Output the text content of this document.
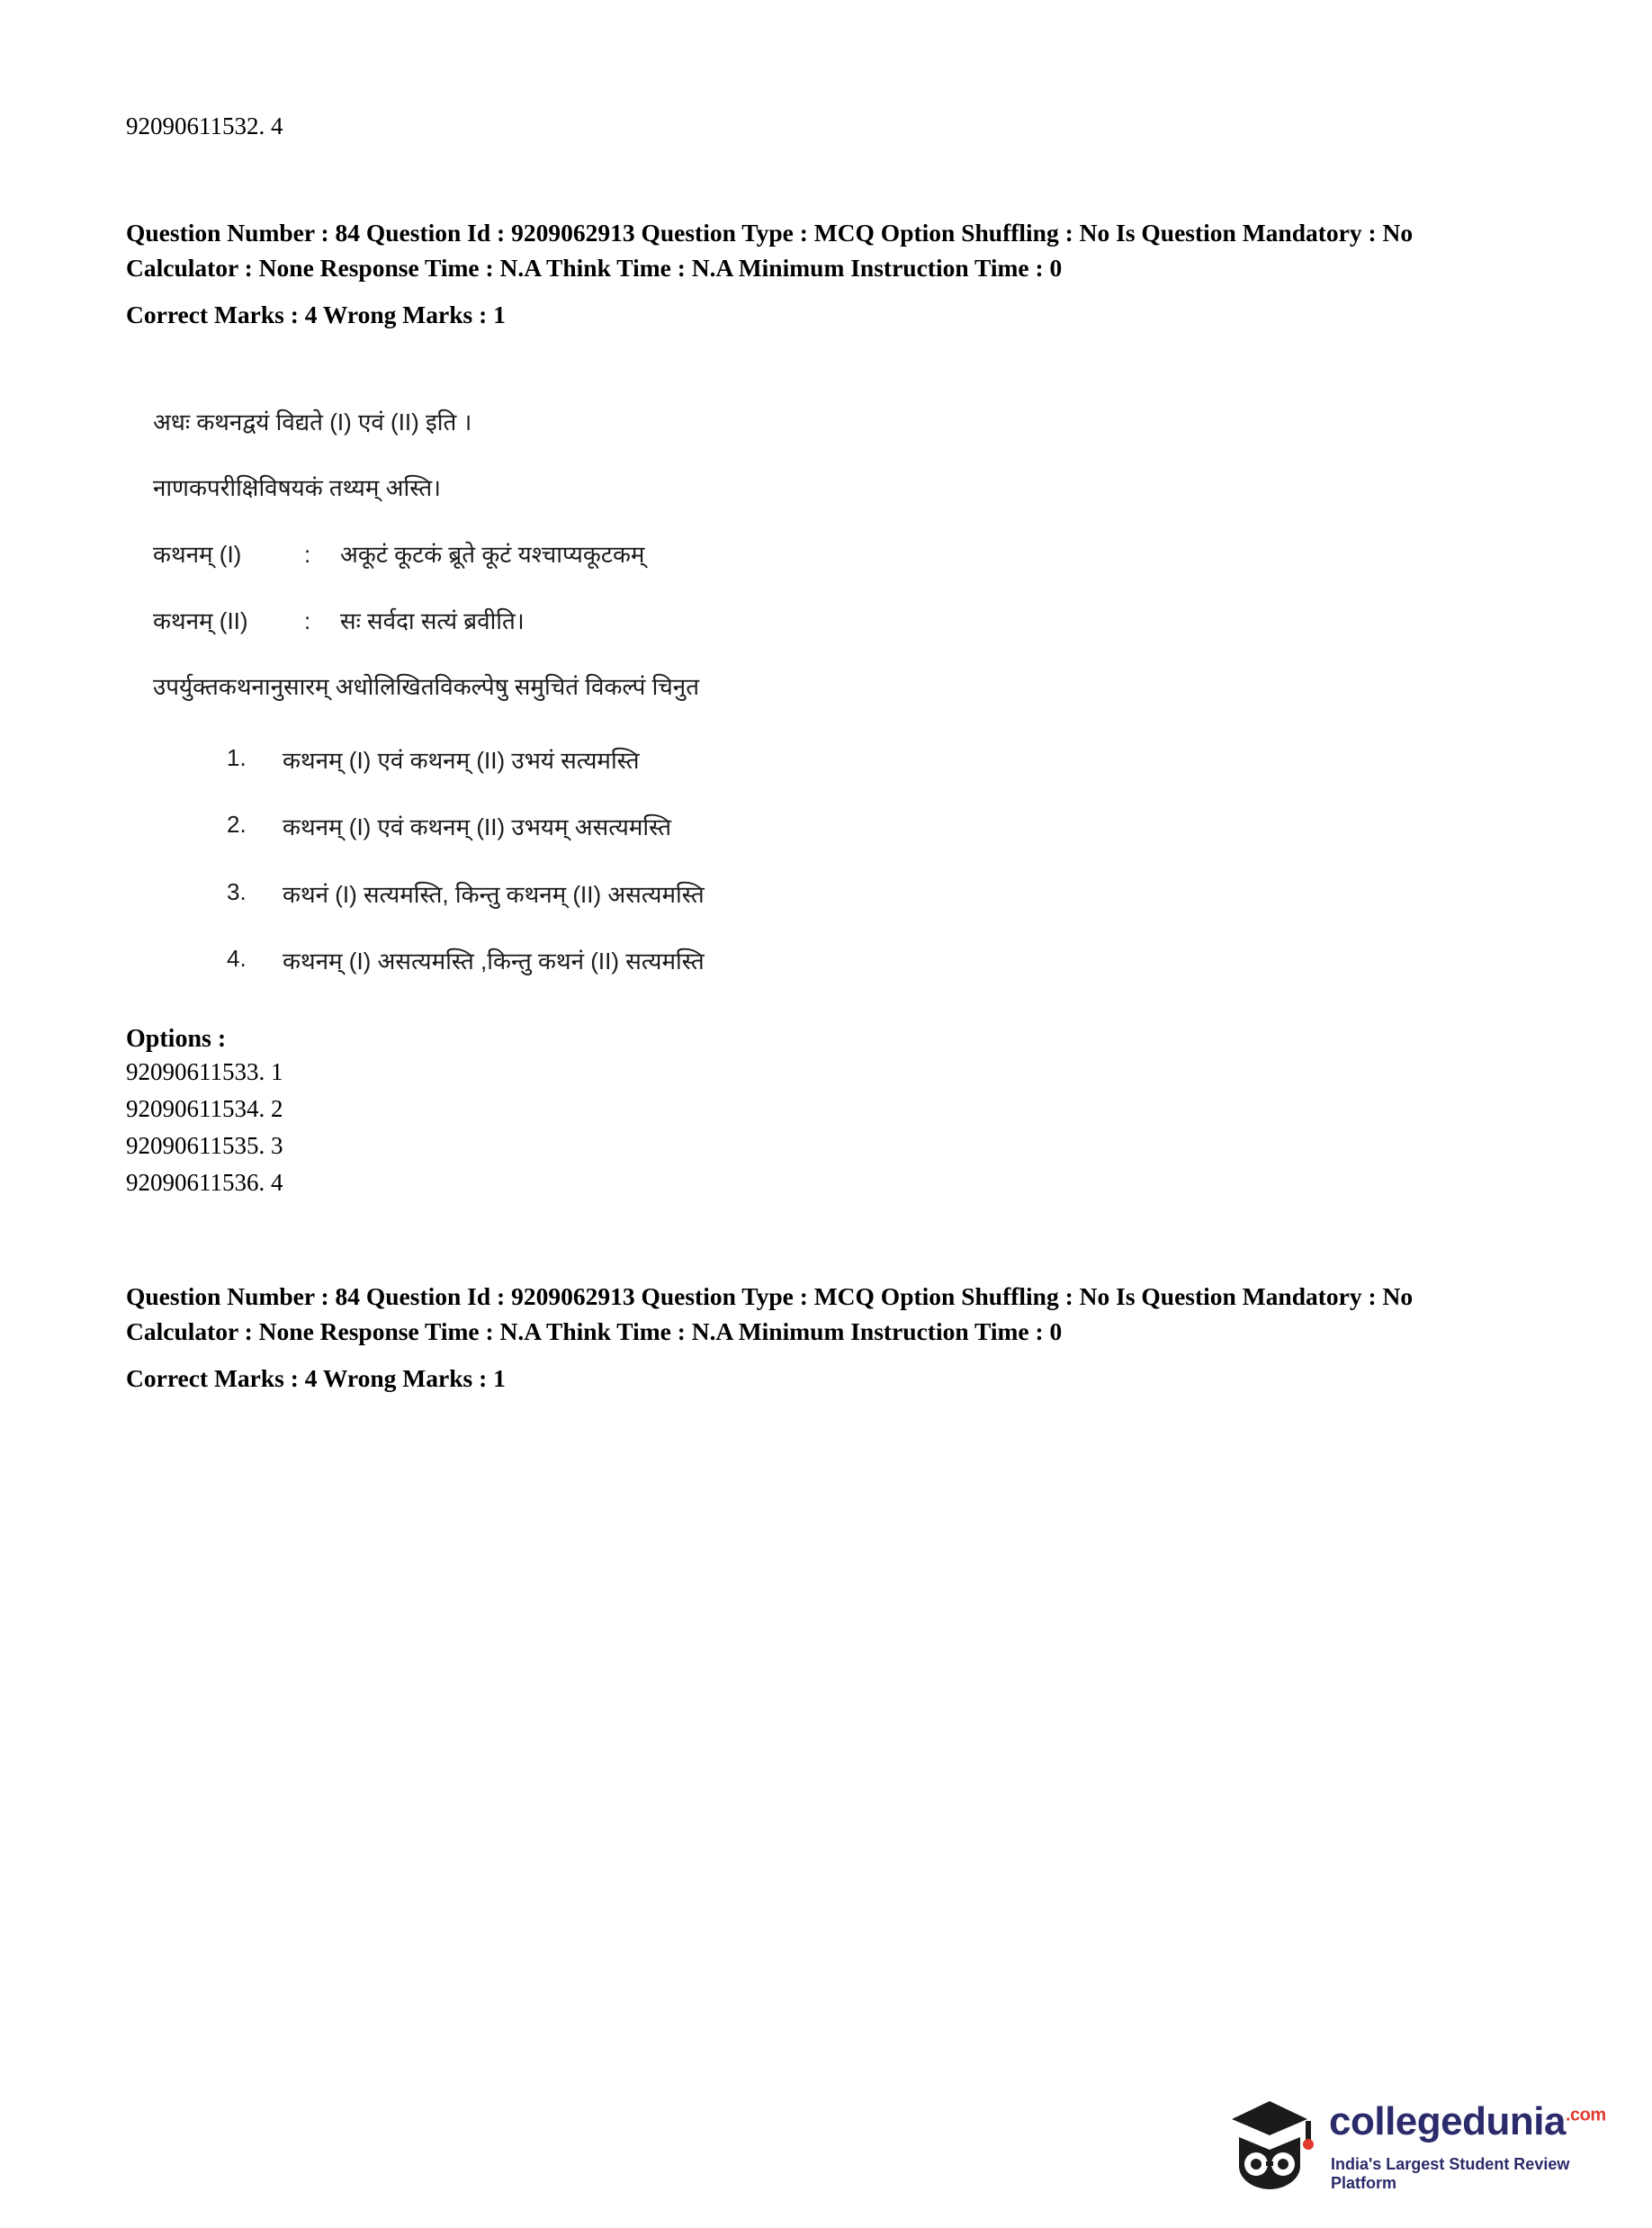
92090611532. 4
Question Number : 84 Question Id : 9209062913 Question Type : MCQ Option Shuffling : No Is Question Mandatory : No Calculator : None Response Time : N.A Think Time : N.A Minimum Instruction Time : 0
Correct Marks : 4 Wrong Marks : 1
अधः कथनद्वयं विद्यते (I) एवं (II) इति ।
नाणकपरीक्षिविषयकं तथ्यम् अस्ति।
कथनम् (I)	:	अकूटं कूटकं ब्रूते कूटं यश्चाप्यकूटकम्
कथनम् (II)	:	सः सर्वदा सत्यं ब्रवीति।
उपर्युक्तकथनानुसारम् अधोलिखितविकल्पेषु समुचितं विकल्पं चिनुत
1.	कथनम् (I) एवं कथनम् (II) उभयं सत्यमस्ति
2.	कथनम् (I) एवं कथनम् (II) उभयम् असत्यमस्ति
3.	कथनं (I) सत्यमस्ति, किन्तु कथनम् (II) असत्यमस्ति
4.	कथनम् (I) असत्यमस्ति ,किन्तु कथनं (II) सत्यमस्ति
Options :
92090611533. 1
92090611534. 2
92090611535. 3
92090611536. 4
Question Number : 84 Question Id : 9209062913 Question Type : MCQ Option Shuffling : No Is Question Mandatory : No Calculator : None Response Time : N.A Think Time : N.A Minimum Instruction Time : 0
Correct Marks : 4 Wrong Marks : 1
collegedunia$^{.com}$
India's Largest Student Review Platform
